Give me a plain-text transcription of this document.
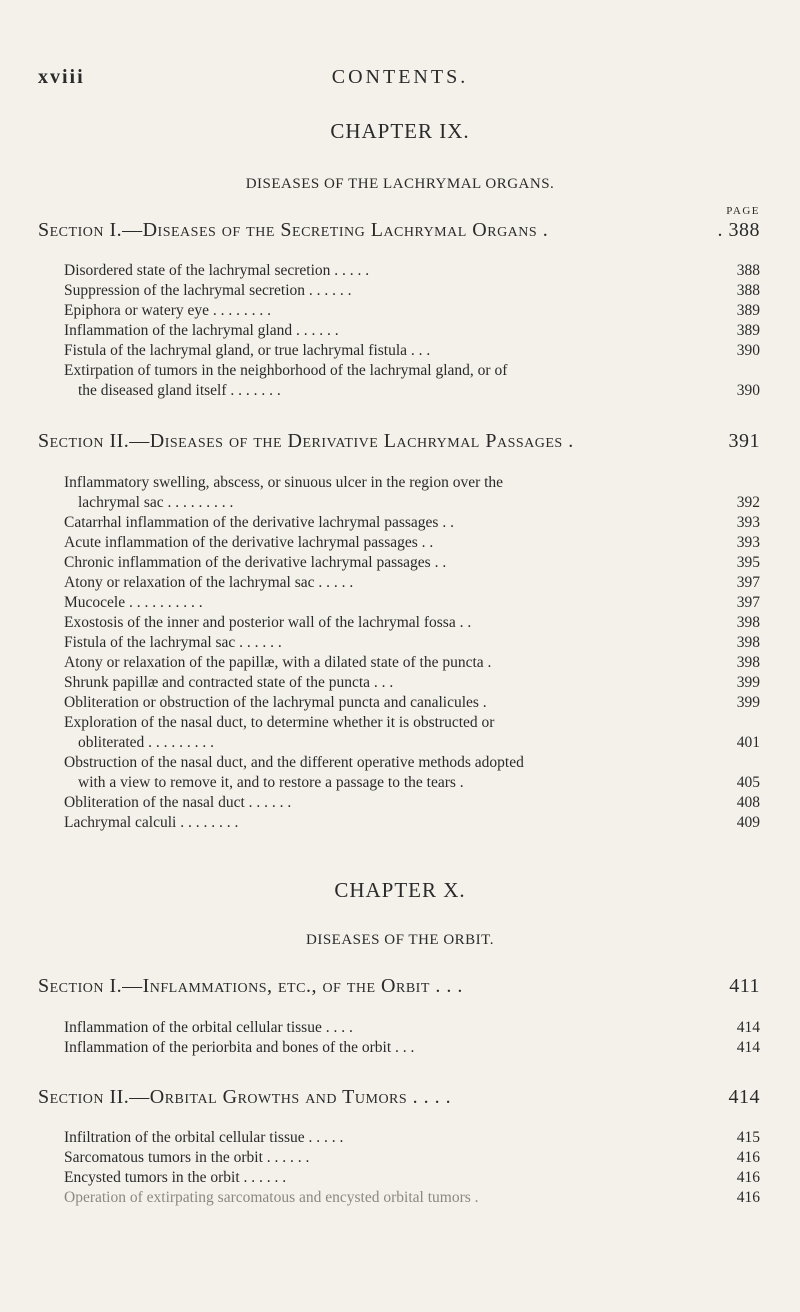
xviii	CONTENTS.
CHAPTER IX.
DISEASES OF THE LACHRYMAL ORGANS.
PAGE
Section I.—Diseases of the Secreting Lachrymal Organs .	. 388
Disordered state of the lachrymal secretion . . . . .	388
Suppression of the lachrymal secretion . . . . . .	388
Epiphora or watery eye . . . . . . . .	389
Inflammation of the lachrymal gland . . . . . .	389
Fistula of the lachrymal gland, or true lachrymal fistula . . .	390
Extirpation of tumors in the neighborhood of the lachrymal gland, or of
the diseased gland itself . . . . . . .	390
Section II.—Diseases of the Derivative Lachrymal Passages .	391
Inflammatory swelling, abscess, or sinuous ulcer in the region over the
lachrymal sac . . . . . . . . .	392
Catarrhal inflammation of the derivative lachrymal passages . .	393
Acute inflammation of the derivative lachrymal passages . .	393
Chronic inflammation of the derivative lachrymal passages . .	395
Atony or relaxation of the lachrymal sac . . . . .	397
Mucocele . . . . . . . . . .	397
Exostosis of the inner and posterior wall of the lachrymal fossa . .	398
Fistula of the lachrymal sac . . . . . .	398
Atony or relaxation of the papillæ, with a dilated state of the puncta .	398
Shrunk papillæ and contracted state of the puncta . . .	399
Obliteration or obstruction of the lachrymal puncta and canalicules .	399
Exploration of the nasal duct, to determine whether it is obstructed or
obliterated . . . . . . . . .	401
Obstruction of the nasal duct, and the different operative methods adopted
with a view to remove it, and to restore a passage to the tears .	405
Obliteration of the nasal duct . . . . . .	408
Lachrymal calculi . . . . . . . .	409
CHAPTER X.
DISEASES OF THE ORBIT.
Section I.—Inflammations, etc., of the Orbit . . .	411
Inflammation of the orbital cellular tissue . . . .	414
Inflammation of the periorbita and bones of the orbit . . .	414
Section II.—Orbital Growths and Tumors . . . .	414
Infiltration of the orbital cellular tissue . . . . .	415
Sarcomatous tumors in the orbit . . . . . .	416
Encysted tumors in the orbit . . . . . .	416
Operation of extirpating sarcomatous and encysted orbital tumors .	416
